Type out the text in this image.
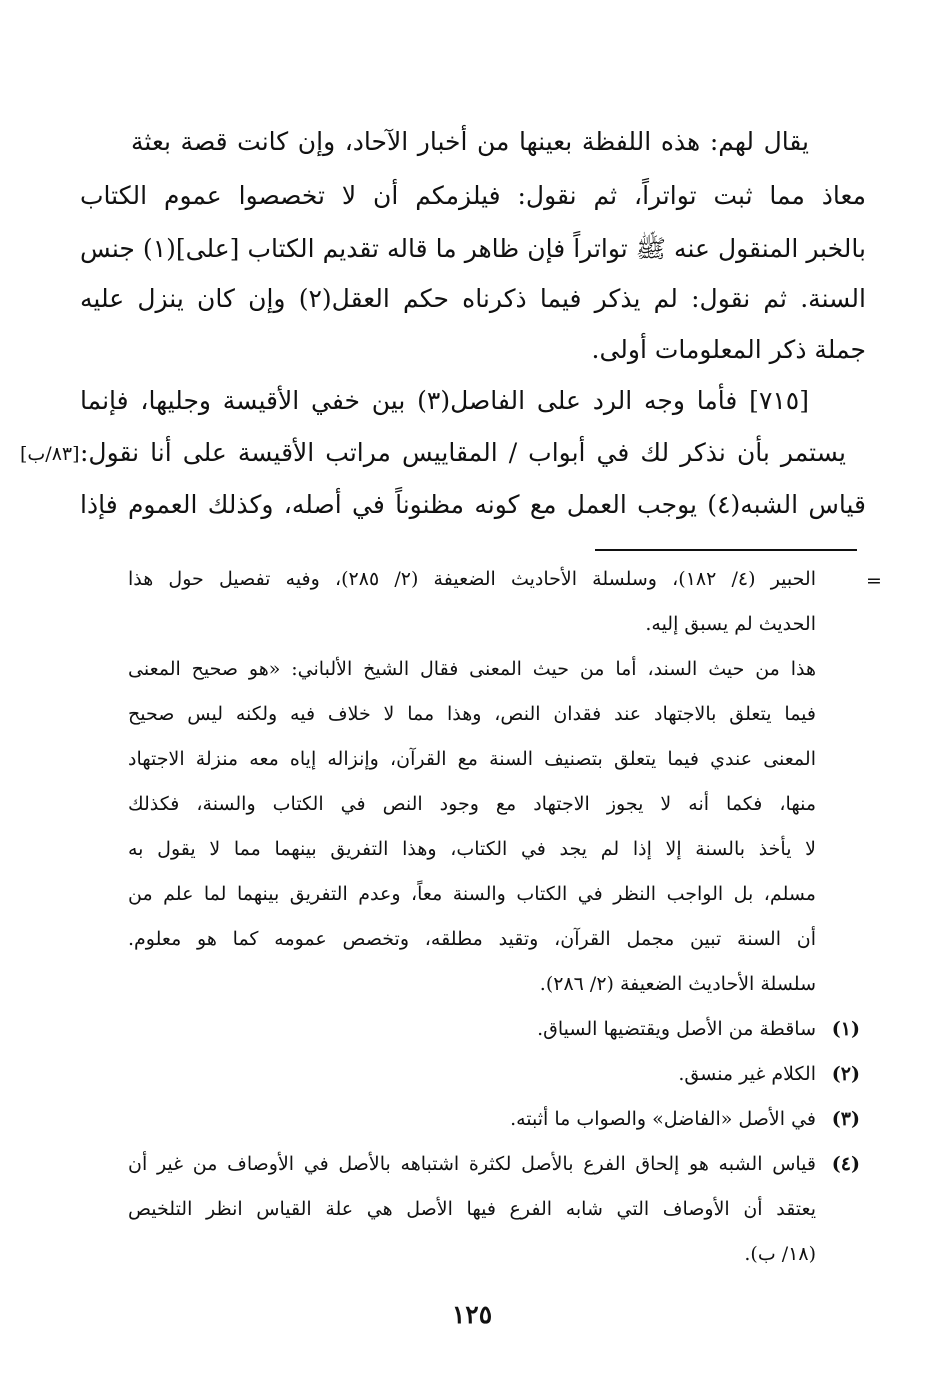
يقال لهم: هذه اللفظة بعينها من أخبار الآحاد، وإن كانت قصة بعثة
معاذ مما ثبت تواتراً، ثم نقول: فيلزمكم أن لا تخصصوا عموم الكتاب
بالخبر المنقول عنه ﷺ تواتراً فإن ظاهر ما قاله تقديم الكتاب [على](١) جنس
السنة. ثم نقول: لم يذكر فيما ذكرناه حكم العقل(٢) وإن كان ينزل عليه
جملة ذكر المعلومات أولى.
[٧١٥] فأما وجه الرد على الفاصل(٣) بين خفي الأقيسة وجليها، فإنما
يستمر بأن نذكر لك في أبواب / المقاييس مراتب الأقيسة على أنا نقول:
قياس الشبه(٤) يوجب العمل مع كونه مظنوناً في أصله، وكذلك العموم فإذا
[٨٣/ب]
=
الحبير (٤/ ١٨٢)، وسلسلة الأحاديث الضعيفة (٢/ ٢٨٥)، وفيه تفصيل حول هذا
الحديث لم يسبق إليه.
هذا من حيث السند، أما من حيث المعنى فقال الشيخ الألباني: «هو صحيح المعنى
فيما يتعلق بالاجتهاد عند فقدان النص، وهذا مما لا خلاف فيه ولكنه ليس صحيح
المعنى عندي فيما يتعلق بتصنيف السنة مع القرآن، وإنزاله إياه معه منزلة الاجتهاد
منها، فكما أنه لا يجوز الاجتهاد مع وجود النص في الكتاب والسنة، فكذلك
لا يأخذ بالسنة إلا إذا لم يجد في الكتاب، وهذا التفريق بينهما مما لا يقول به
مسلم، بل الواجب النظر في الكتاب والسنة معاً، وعدم التفريق بينهما لما علم من
أن السنة تبين مجمل القرآن، وتقيد مطلقه، وتخصص عمومه كما هو معلوم.
سلسلة الأحاديث الضعيفة (٢/ ٢٨٦).
(١)
ساقطة من الأصل ويقتضيها السياق.
(٢)
الكلام غير منسق.
(٣)
في الأصل «الفاضل» والصواب ما أثبته.
(٤)
قياس الشبه هو إلحاق الفرع بالأصل لكثرة اشتباهه بالأصل في الأوصاف من غير أن
يعتقد أن الأوصاف التي شابه الفرع فيها الأصل هي علة القياس انظر التلخيص
(١٨/ ب).
١٢٥
